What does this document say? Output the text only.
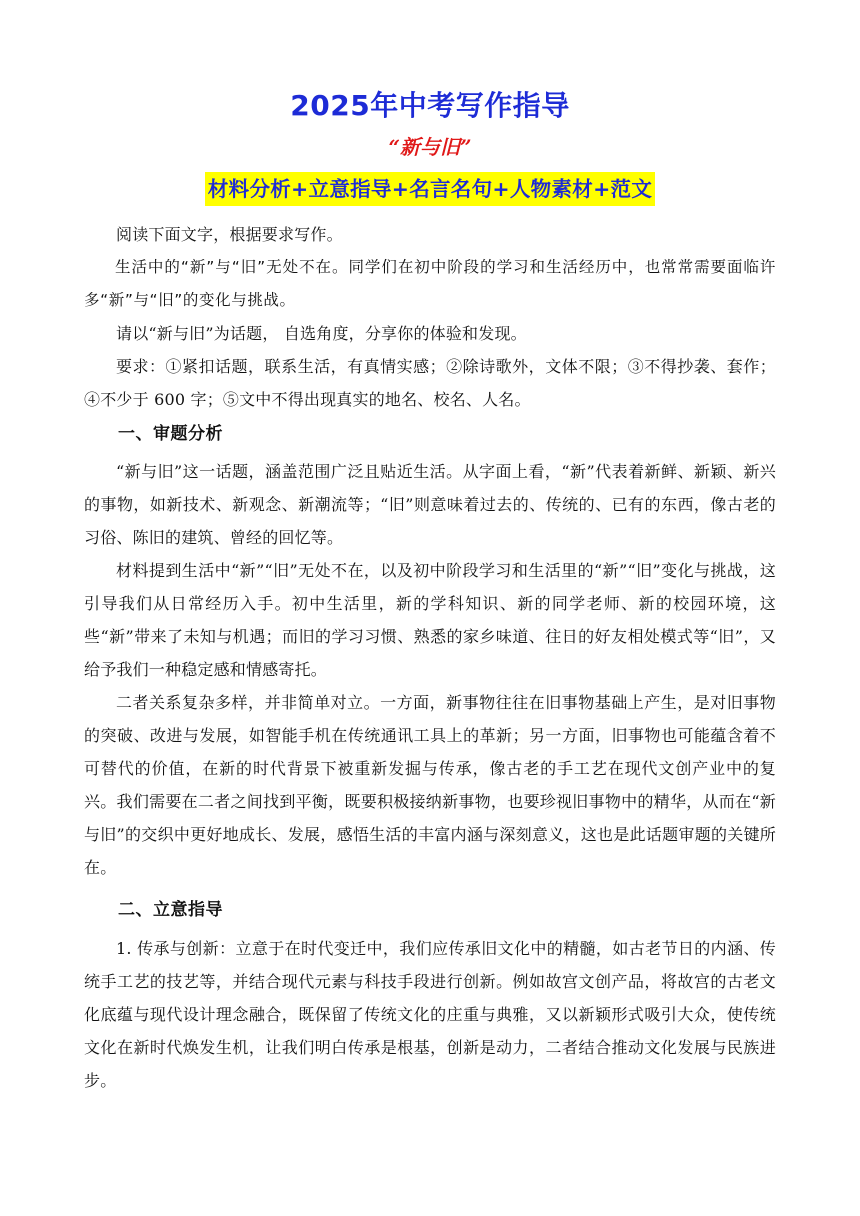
2025年中考写作指导
“新与旧”
材料分析+立意指导+名言名句+人物素材+范文

阅读下面文字，根据要求写作。

生活中的“新”与“旧”无处不在。同学们在初中阶段的学习和生活经历中，也常常需要面临许多“新”与“旧”的变化与挑战。

请以“新与旧”为话题， 自选角度，分享你的体验和发现。

要求：①紧扣话题，联系生活，有真情实感；②除诗歌外，文体不限；③不得抄袭、套作；④不少于 600 字；⑤文中不得出现真实的地名、校名、人名。

一、审题分析

“新与旧”这一话题，涵盖范围广泛且贴近生活。从字面上看，“新”代表着新鲜、新颖、新兴的事物，如新技术、新观念、新潮流等；“旧”则意味着过去的、传统的、已有的东西，像古老的习俗、陈旧的建筑、曾经的回忆等。

材料提到生活中“新”“旧”无处不在，以及初中阶段学习和生活里的“新”“旧”变化与挑战，这引导我们从日常经历入手。初中生活里，新的学科知识、新的同学老师、新的校园环境，这些“新”带来了未知与机遇；而旧的学习习惯、熟悉的家乡味道、往日的好友相处模式等“旧”，又给予我们一种稳定感和情感寄托。

二者关系复杂多样，并非简单对立。一方面，新事物往往在旧事物基础上产生，是对旧事物的突破、改进与发展，如智能手机在传统通讯工具上的革新；另一方面，旧事物也可能蕴含着不可替代的价值，在新的时代背景下被重新发掘与传承，像古老的手工艺在现代文创产业中的复兴。我们需要在二者之间找到平衡，既要积极接纳新事物，也要珍视旧事物中的精华，从而在“新与旧”的交织中更好地成长、发展，感悟生活的丰富内涵与深刻意义，这也是此话题审题的关键所在。

二、立意指导

1. 传承与创新：立意于在时代变迁中，我们应传承旧文化中的精髓，如古老节日的内涵、传统手工艺的技艺等，并结合现代元素与科技手段进行创新。例如故宫文创产品，将故宫的古老文化底蕴与现代设计理念融合，既保留了传统文化的庄重与典雅，又以新颖形式吸引大众，使传统文化在新时代焕发生机，让我们明白传承是根基，创新是动力，二者结合推动文化发展与民族进步。
